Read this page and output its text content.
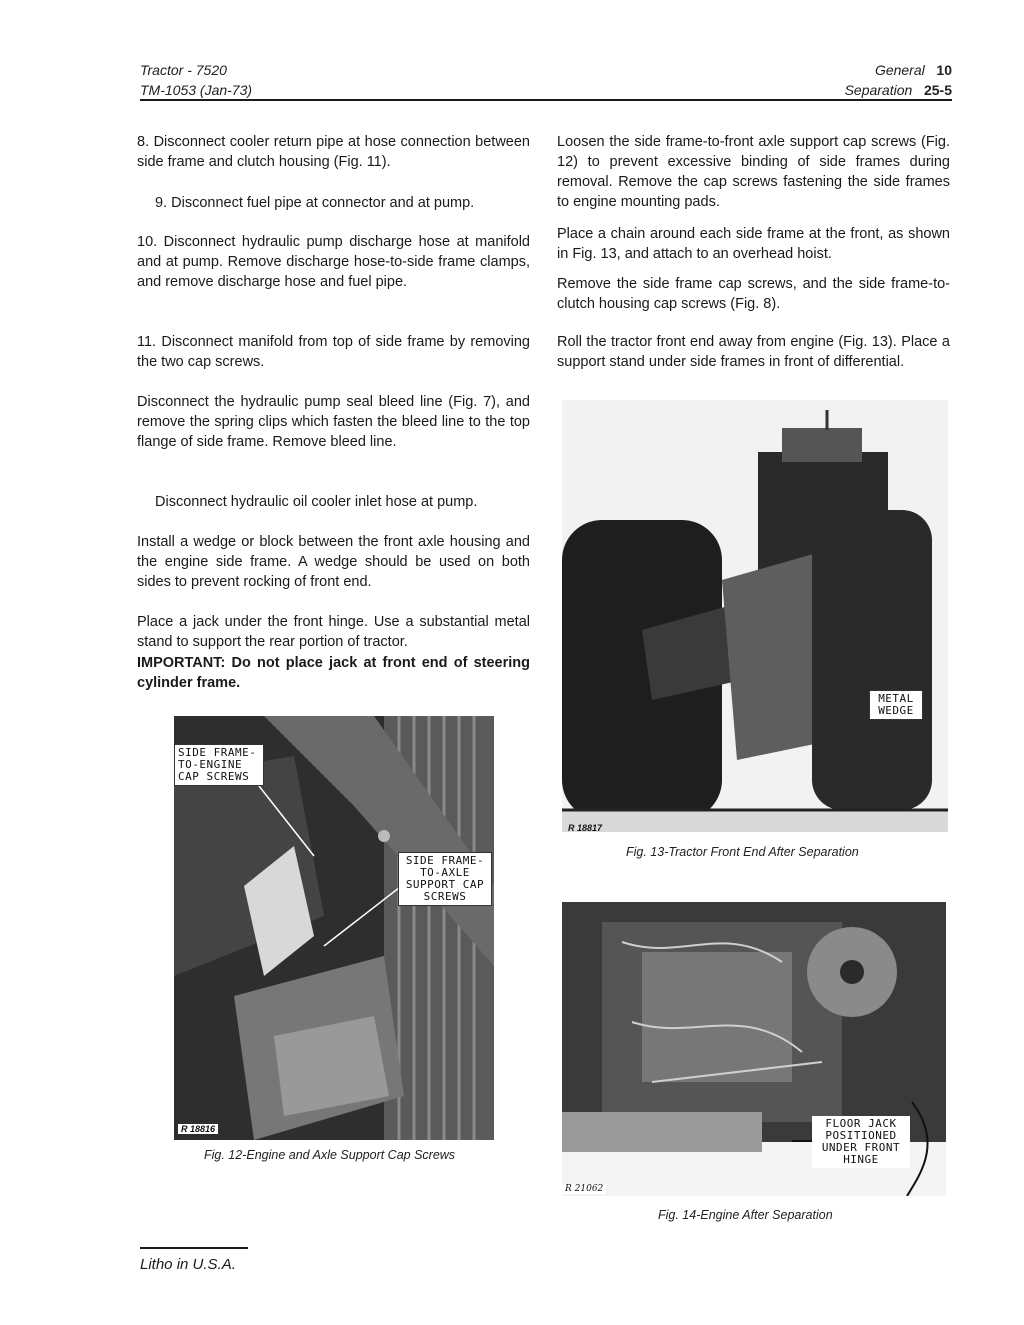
Tractor - 7520
TM-1053 (Jan-73)
General 10
Separation 25-5

8. Disconnect cooler return pipe at hose connection between side frame and clutch housing (Fig. 11).

9. Disconnect fuel pipe at connector and at pump.

10. Disconnect hydraulic pump discharge hose at manifold and at pump. Remove discharge hose-to-side frame clamps, and remove discharge hose and fuel pipe.

11. Disconnect manifold from top of side frame by removing the two cap screws.

Disconnect the hydraulic pump seal bleed line (Fig. 7), and remove the spring clips which fasten the bleed line to the top flange of side frame. Remove bleed line.

Disconnect hydraulic oil cooler inlet hose at pump.

Install a wedge or block between the front axle housing and the engine side frame. A wedge should be used on both sides to prevent rocking of front end.

Place a jack under the front hinge. Use a substantial metal stand to support the rear portion of tractor.

IMPORTANT: Do not place jack at front end of steering cylinder frame.

Loosen the side frame-to-front axle support cap screws (Fig. 12) to prevent excessive binding of side frames during removal. Remove the cap screws fastening the side frames to engine mounting pads.

Place a chain around each side frame at the front, as shown in Fig. 13, and attach to an overhead hoist.

Remove the side frame cap screws, and the side frame-to-clutch housing cap screws (Fig. 8).

Roll the tractor front end away from engine (Fig. 13). Place a support stand under side frames in front of differential.

SIDE FRAME-
TO-ENGINE
CAP SCREWS
SIDE FRAME-
TO-AXLE
SUPPORT CAP
SCREWS
R 18816
Fig. 12-Engine and Axle Support Cap Screws
METAL
WEDGE
R 18817
Fig. 13-Tractor Front End After Separation
FLOOR JACK
POSITIONED
UNDER FRONT
HINGE
R 21062
Fig. 14-Engine After Separation
Litho in U.S.A.
